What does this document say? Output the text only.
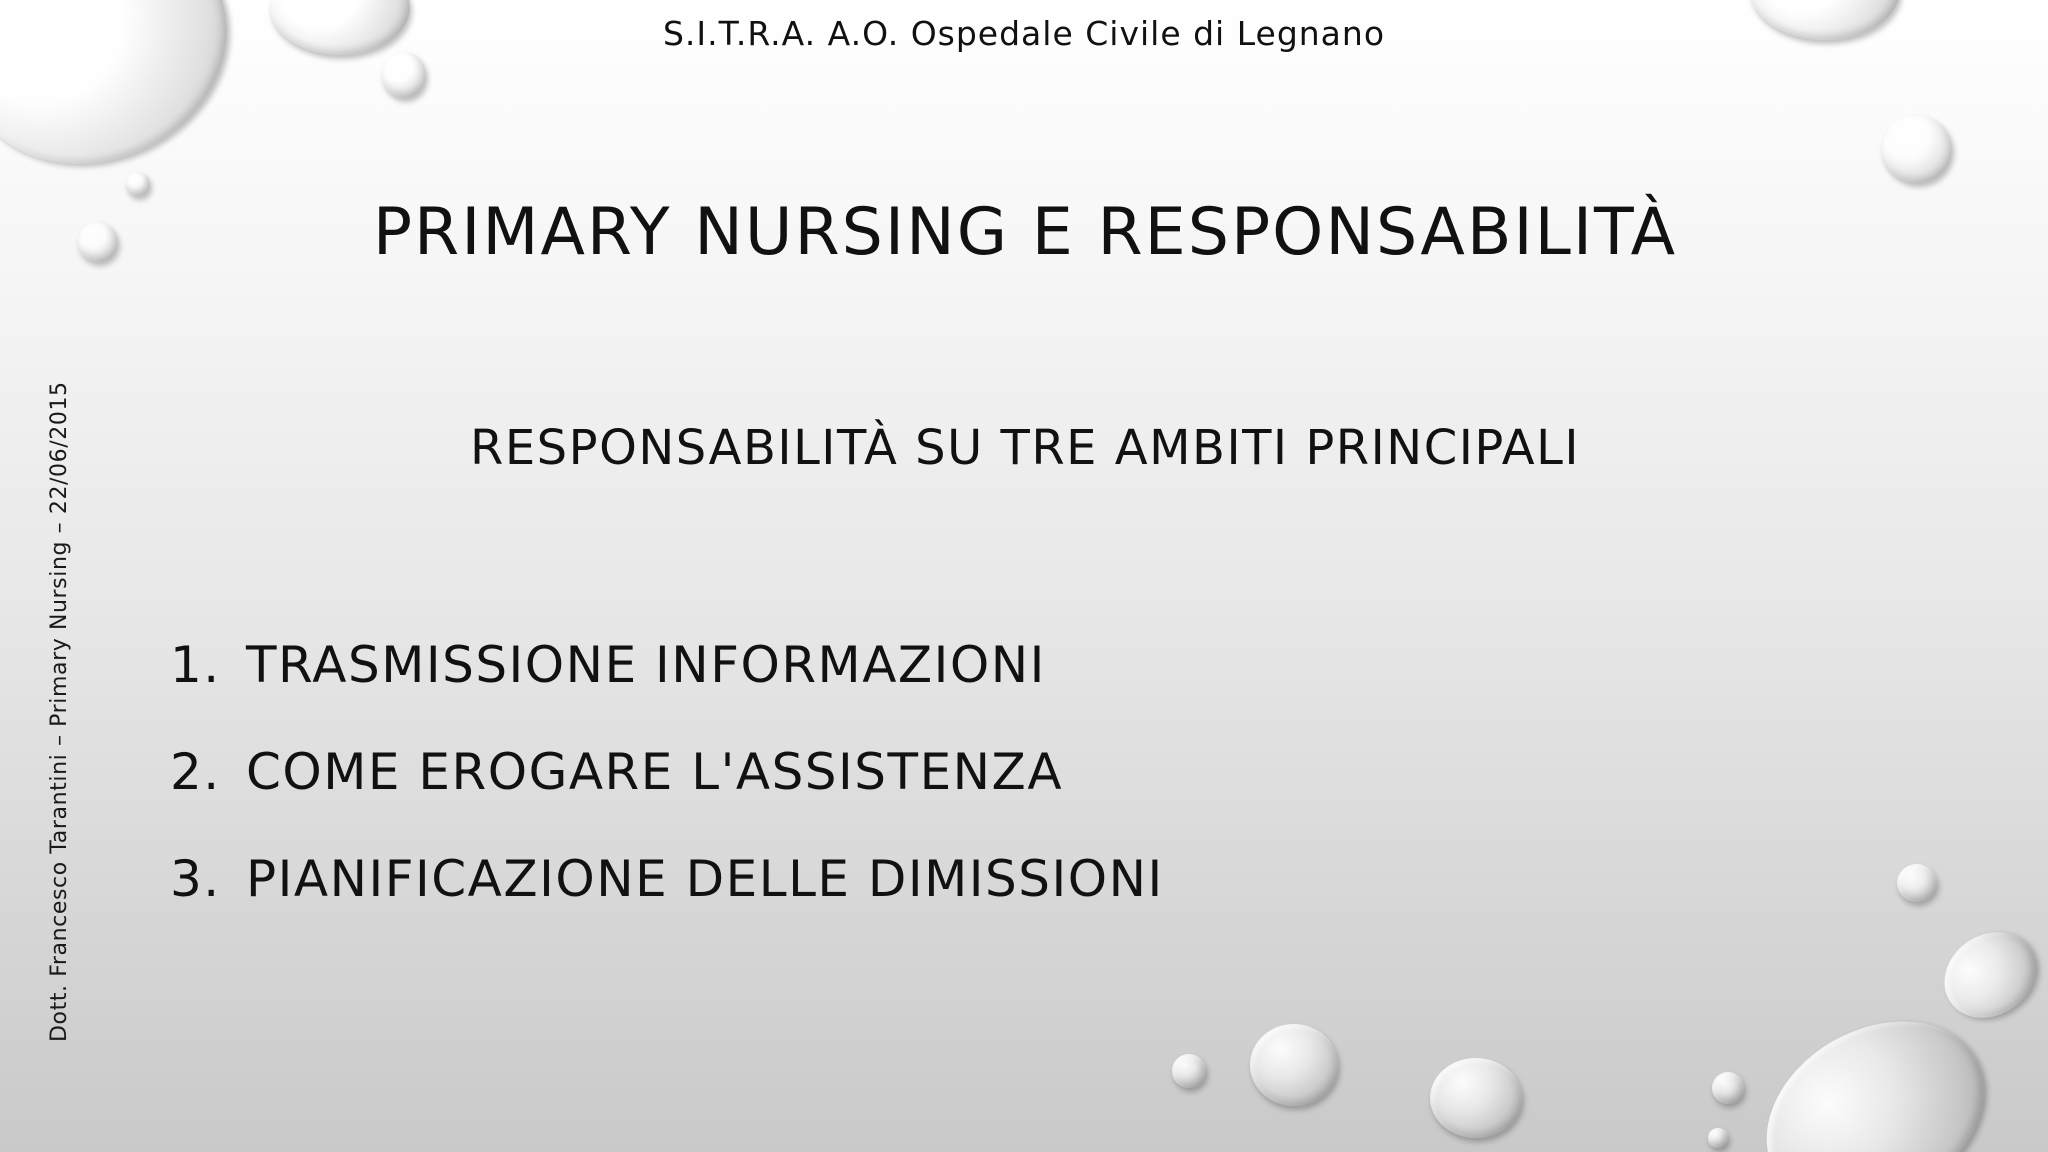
S.I.T.R.A. A.O. Ospedale Civile di Legnano
PRIMARY NURSING E RESPONSABILITÀ
RESPONSABILITÀ SU TRE AMBITI PRINCIPALI
1. TRASMISSIONE INFORMAZIONI
2. COME EROGARE L'ASSISTENZA
3. PIANIFICAZIONE DELLE DIMISSIONI
Dott. Francesco Tarantini – Primary Nursing – 22/06/2015
